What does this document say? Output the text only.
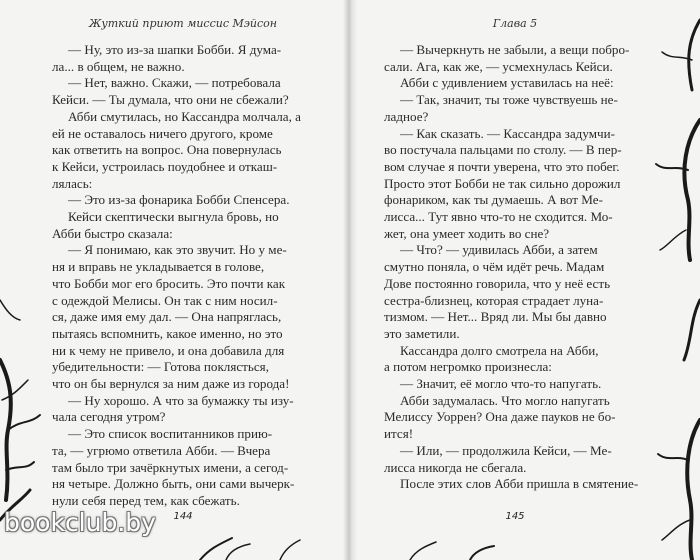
Жуткий приют миссис Мэйсон

— Ну, это из-за шапки Бобби. Я дума-

ла... в общем, не важно.

— Нет, важно. Скажи, — потребовала

Кейси. — Ты думала, что они не сбежали?

Абби смутилась, но Кассандра молчала, а

ей не оставалось ничего другого, кроме

как ответить на вопрос. Она повернулась

к Кейси, устроилась поудобнее и откаш-

лялась:

— Это из-за фонарика Бобби Спенсера.

Кейси скептически выгнула бровь, но

Абби быстро сказала:

— Я понимаю, как это звучит. Но у ме-

ня и вправь не укладывается в голове,

что Бобби мог его бросить. Это почти как

с одеждой Мелисы. Он так с ним носил-

ся, даже имя ему дал. — Она напряглась,

пытаясь вспомнить, какое именно, но это

ни к чему не привело, и она добавила для

убедительности: — Готова поклясться,

что он бы вернулся за ним даже из города!

— Ну хорошо. А что за бумажку ты изу-

чала сегодня утром?

— Это список воспитанников прию-

та, — угрюмо ответила Абби. — Вчера

там было три зачёркнутых имени, а сегод-

ня четыре. Должно быть, они сами вычерк-

нули себя перед тем, как сбежать.

144
Глава 5

— Вычеркнуть не забыли, а вещи побро-

сали. Ага, как же, — усмехнулась Кейси.

Абби с удивлением уставилась на неё:

— Так, значит, ты тоже чувствуешь не-

ладное?

— Как сказать. — Кассандра задумчи-

во постучала пальцами по столу. — В пер-

вом случае я почти уверена, что это побег.

Просто этот Бобби не так сильно дорожил

фонариком, как ты думаешь. А вот Ме-

лисса... Тут явно что-то не сходится. Мо-

жет, она умеет ходить во сне?

— Что? — удивилась Абби, а затем

смутно поняла, о чём идёт речь. Мадам

Дове постоянно говорила, что у неё есть

сестра-близнец, которая страдает луна-

тизмом. — Нет... Вряд ли. Мы бы давно

это заметили.

Кассандра долго смотрела на Абби,

а потом негромко произнесла:

— Значит, её могло что-то напугать.

Абби задумалась. Что могло напугать

Мелиссу Уоррен? Она даже пауков не бо-

ится!

— Или, — продолжила Кейси, — Ме-

лисса никогда не сбегала.

После этих слов Абби пришла в смятение-

145
bookclub.by
